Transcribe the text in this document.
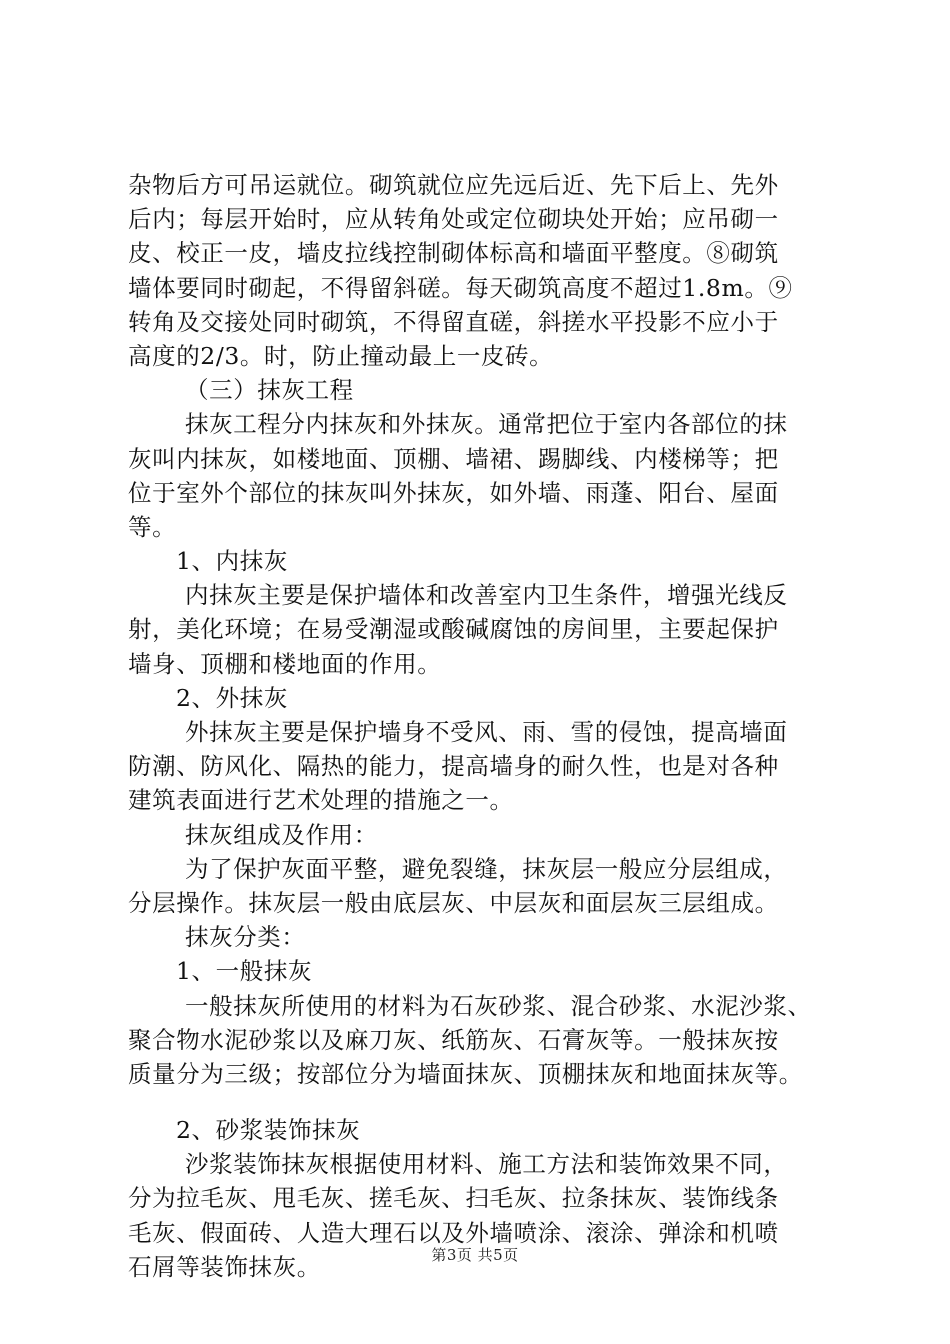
杂物后方可吊运就位。砌筑就位应先远后近、先下后上、先外
后内；每层开始时，应从转角处或定位砌块处开始；应吊砌一
皮、校正一皮，墙皮拉线控制砌体标高和墙面平整度。⑧砌筑
墙体要同时砌起，不得留斜磋。每天砌筑高度不超过1.8m。⑨
转角及交接处同时砌筑，不得留直磋，斜搓水平投影不应小于
高度的2/3。时，防止撞动最上一皮砖。
（三）抹灰工程
抹灰工程分内抹灰和外抹灰。通常把位于室内各部位的抹
灰叫内抹灰，如楼地面、顶棚、墙裙、踢脚线、内楼梯等；把
位于室外个部位的抹灰叫外抹灰，如外墙、雨蓬、阳台、屋面
等。
1、内抹灰
内抹灰主要是保护墙体和改善室内卫生条件，增强光线反
射，美化环境；在易受潮湿或酸碱腐蚀的房间里，主要起保护
墙身、顶棚和楼地面的作用。
2、外抹灰
外抹灰主要是保护墙身不受风、雨、雪的侵蚀，提高墙面
防潮、防风化、隔热的能力，提高墙身的耐久性，也是对各种
建筑表面进行艺术处理的措施之一。
抹灰组成及作用：
为了保护灰面平整，避免裂缝，抹灰层一般应分层组成，
分层操作。抹灰层一般由底层灰、中层灰和面层灰三层组成。
抹灰分类：
1、一般抹灰
一般抹灰所使用的材料为石灰砂浆、混合砂浆、水泥沙浆、
聚合物水泥砂浆以及麻刀灰、纸筋灰、石膏灰等。一般抹灰按
质量分为三级；按部位分为墙面抹灰、顶棚抹灰和地面抹灰等。
2、砂浆装饰抹灰
沙浆装饰抹灰根据使用材料、施工方法和装饰效果不同，
分为拉毛灰、甩毛灰、搓毛灰、扫毛灰、拉条抹灰、装饰线条
毛灰、假面砖、人造大理石以及外墙喷涂、滚涂、弹涂和机喷
石屑等装饰抹灰。	第3页 共5页
